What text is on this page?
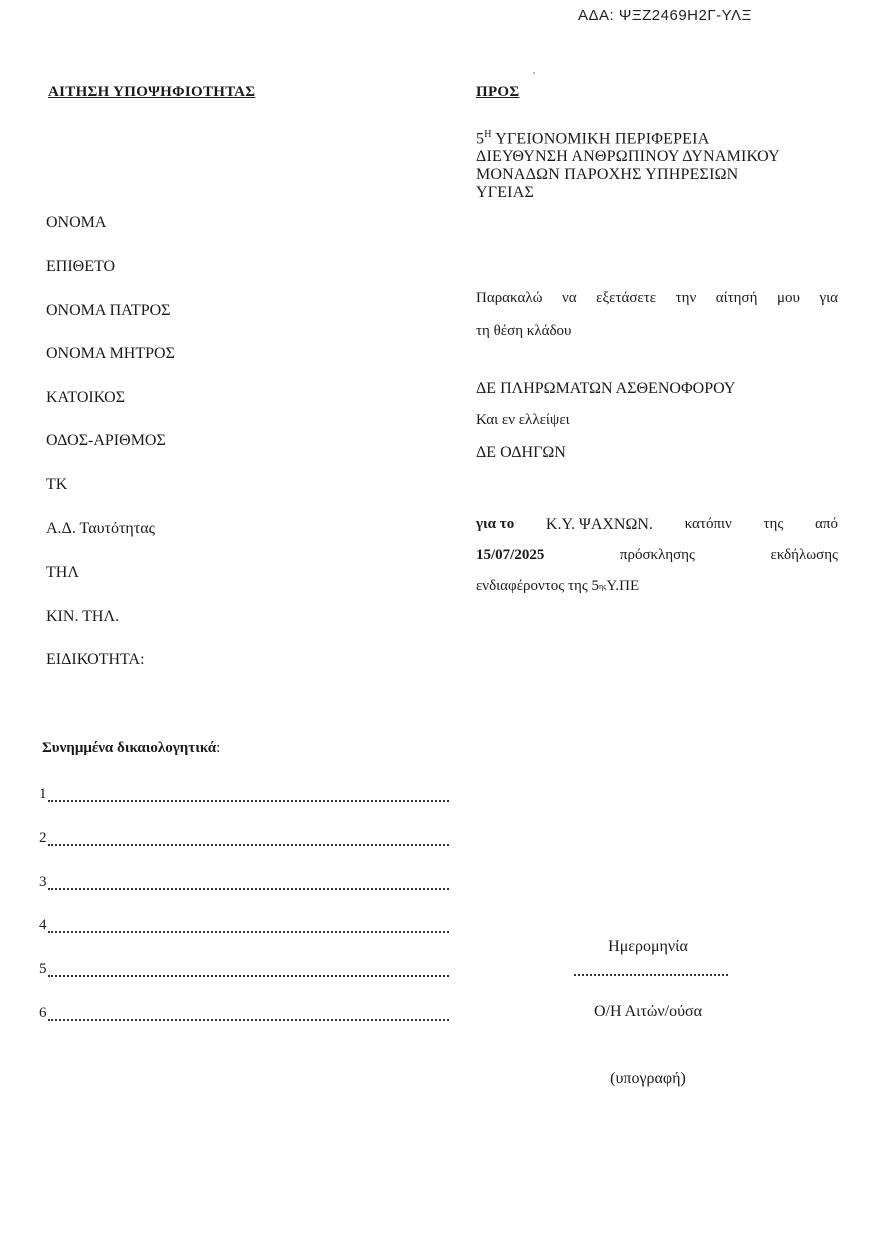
ΑΔΑ: ΨΞΖ2469Η2Γ-ΥΛΞ
ΑΙΤΗΣΗ ΥΠΟΨΗΦΙΟΤΗΤΑΣ	ΠΡΟΣ
$5^H$ ΥΓΕΙΟΝΟΜΙΚΗ ΠΕΡΙΦΕΡΕΙΑ
ΔΙΕΥΘΥΝΣΗ ΑΝΘΡΩΠΙΝΟΥ ΔΥΝΑΜΙΚΟΥ
ΜΟΝΑΔΩΝ ΠΑΡΟΧΗΣ ΥΠΗΡΕΣΙΩΝ
ΥΓΕΙΑΣ
ΟΝΟΜΑ
ΕΠΙΘΕΤΟ
ΟΝΟΜΑ ΠΑΤΡΟΣ
ΟΝΟΜΑ ΜΗΤΡΟΣ
ΚΑΤΟΙΚΟΣ
ΟΔΟΣ-ΑΡΙΘΜΟΣ
ΤΚ
Α.Δ. Ταυτότητας
ΤΗΛ
ΚΙΝ. ΤΗΛ.
ΕΙΔΙΚΟΤΗΤΑ:
Συνημμένα δικαιολογητικά:
1
2
3
4
5
6
Παρακαλώ να εξετάσετε την αίτησή μου για
τη θέση κλάδου
ΔΕ ΠΛΗΡΩΜΑΤΩΝ ΑΣΘΕΝΟΦΟΡΟΥ
Και εν ελλείψει
ΔΕ ΟΔΗΓΩΝ
για το Κ.Υ. ΨΑΧΝΩΝ. κατόπιν της από
15/07/2025	πρόσκλησης	εκδήλωσης
ενδιαφέροντος της 5 ης Υ.ΠΕ
Ημερομηνία
Ο/Η Αιτών/ούσα
(υπογραφή)
